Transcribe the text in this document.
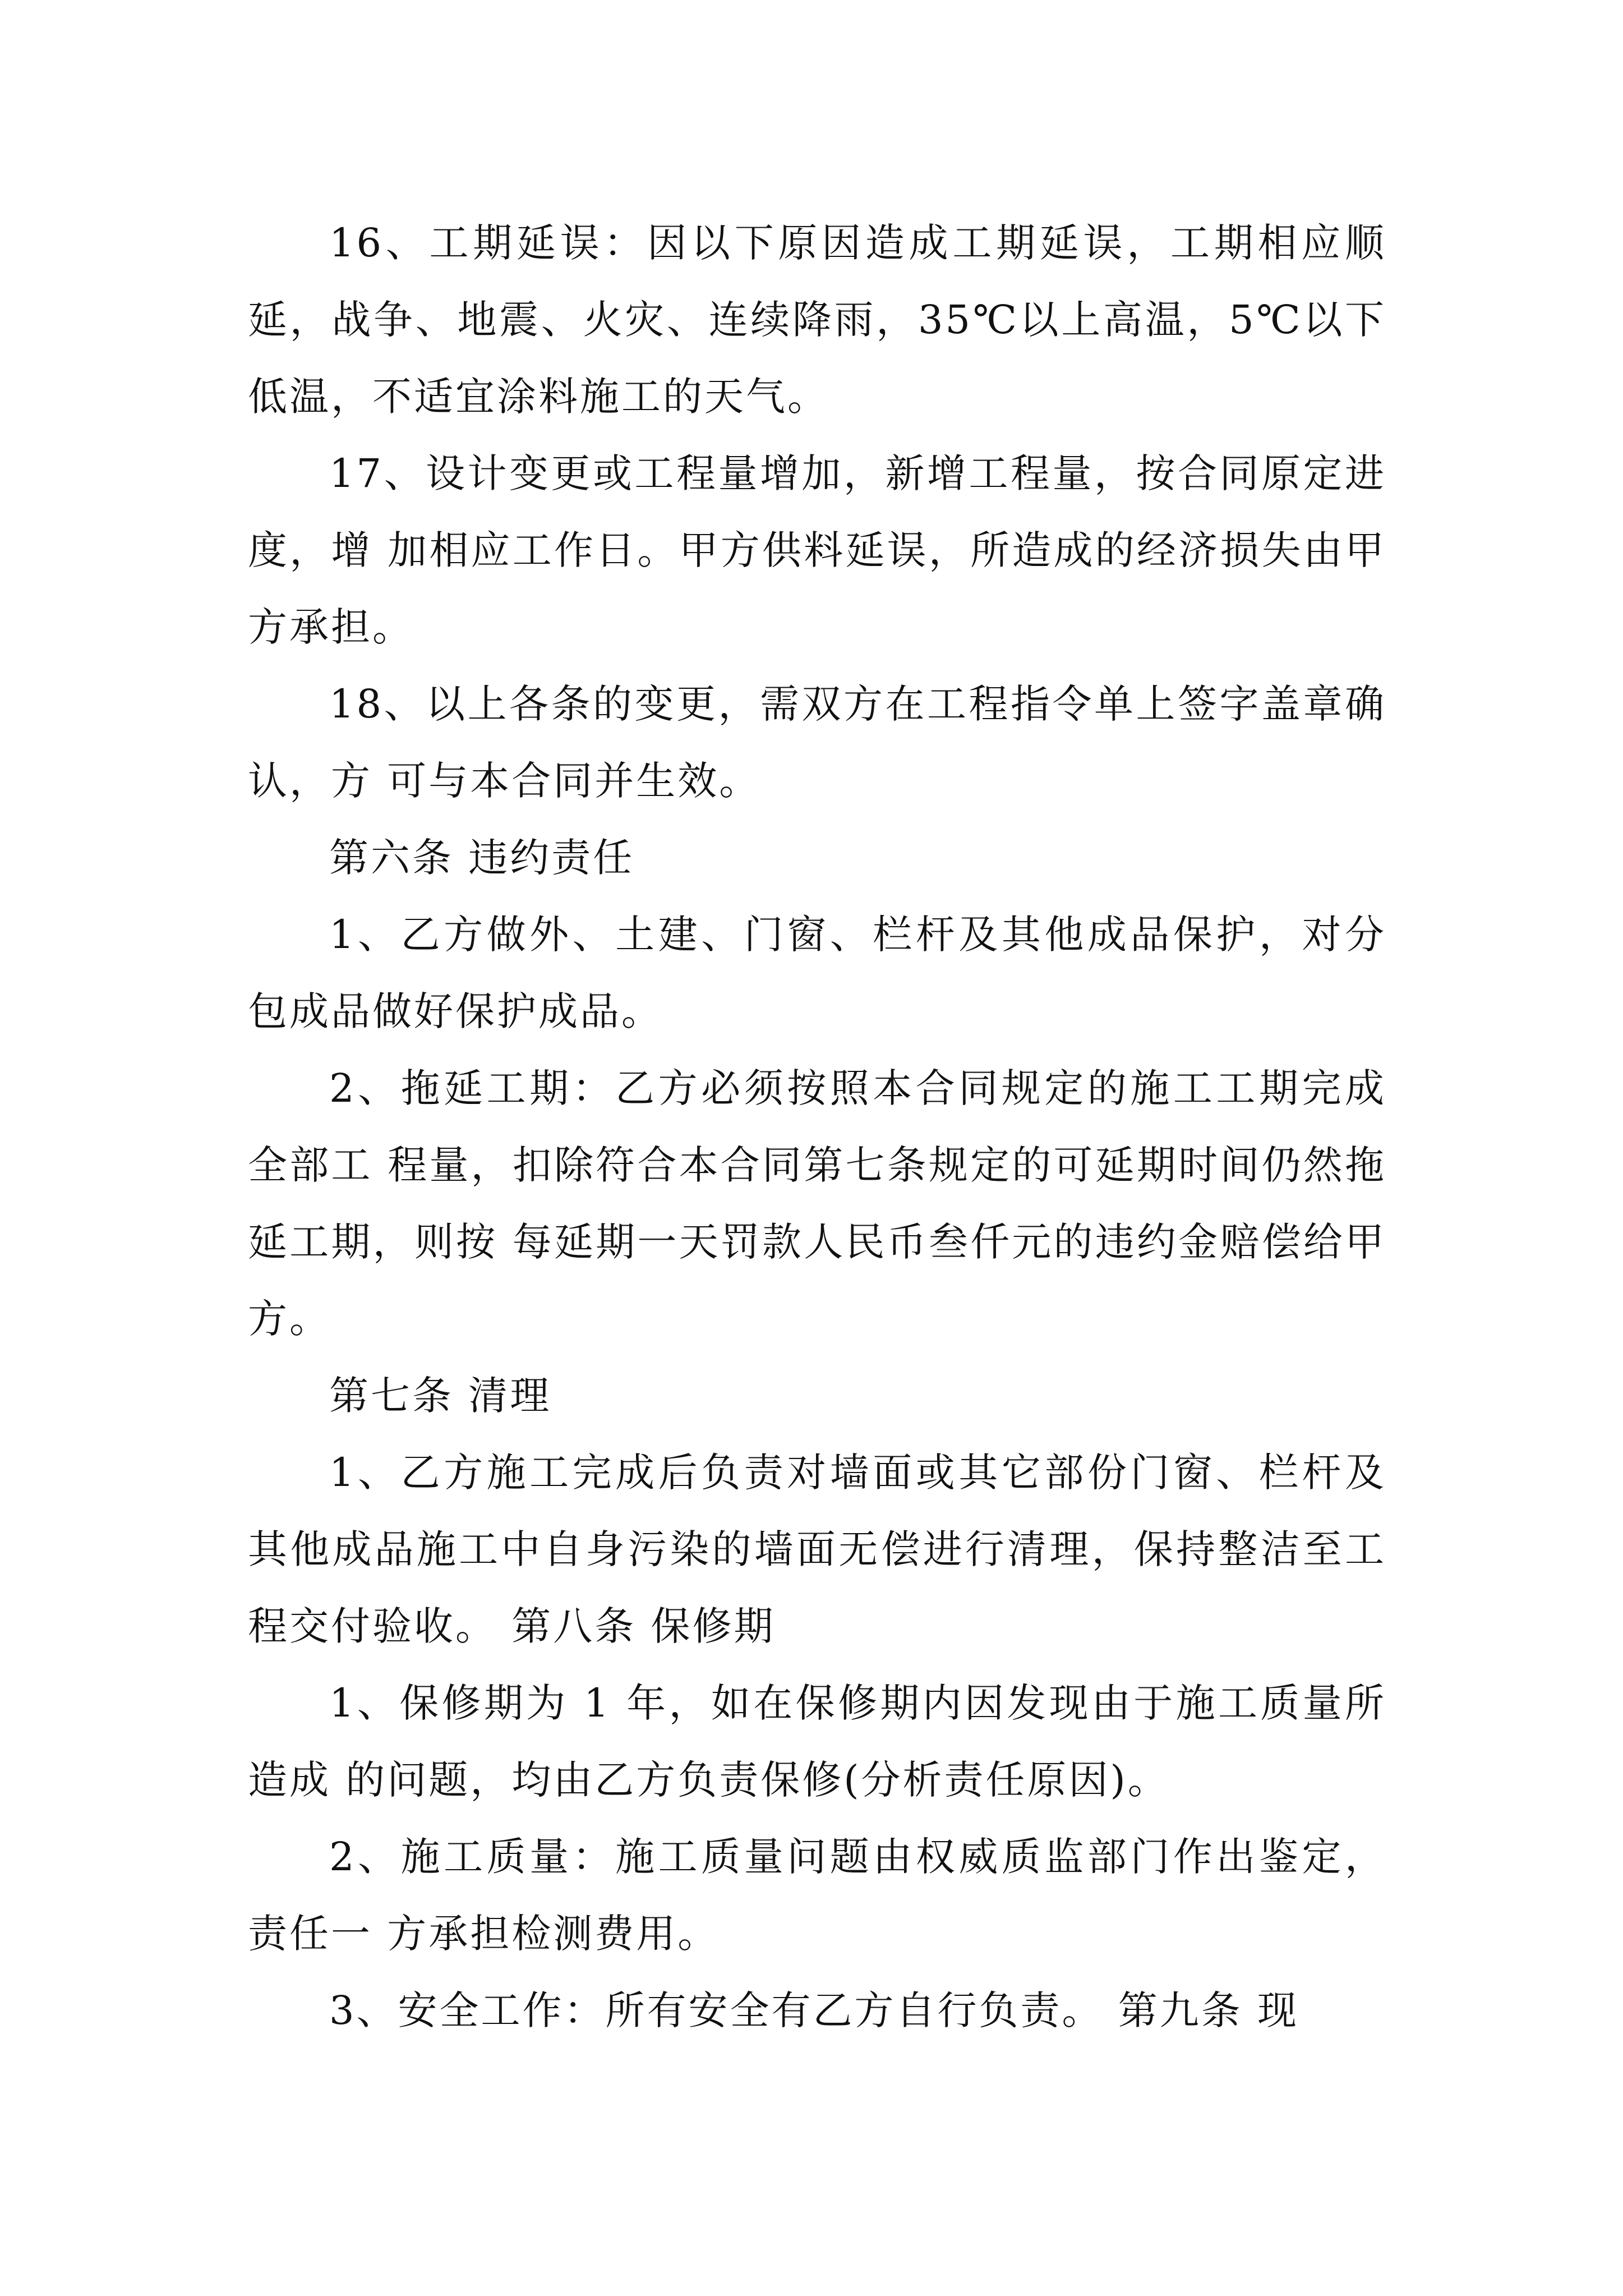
16、工期延误：因以下原因造成工期延误，工期相应顺延，战争、地震、火灾、连续降雨，35℃以上高温，5℃以下低温，不适宜涂料施工的天气。

17、设计变更或工程量增加，新增工程量，按合同原定进度，增 加相应工作日。甲方供料延误，所造成的经济损失由甲方承担。

18、以上各条的变更，需双方在工程指令单上签字盖章确认，方 可与本合同并生效。

第六条 违约责任

1、乙方做外、土建、门窗、栏杆及其他成品保护，对分包成品做好保护成品。

2、拖延工期：乙方必须按照本合同规定的施工工期完成全部工 程量，扣除符合本合同第七条规定的可延期时间仍然拖延工期，则按 每延期一天罚款人民币叁仟元的违约金赔偿给甲方。

第七条 清理

1、乙方施工完成后负责对墙面或其它部份门窗、栏杆及其他成品施工中自身污染的墙面无偿进行清理，保持整洁至工程交付验收。 第八条 保修期

1、保修期为 1 年，如在保修期内因发现由于施工质量所造成 的问题，均由乙方负责保修(分析责任原因)。

2、施工质量：施工质量问题由权威质监部门作出鉴定，责任一 方承担检测费用。

3、安全工作：所有安全有乙方自行负责。 第九条 现
